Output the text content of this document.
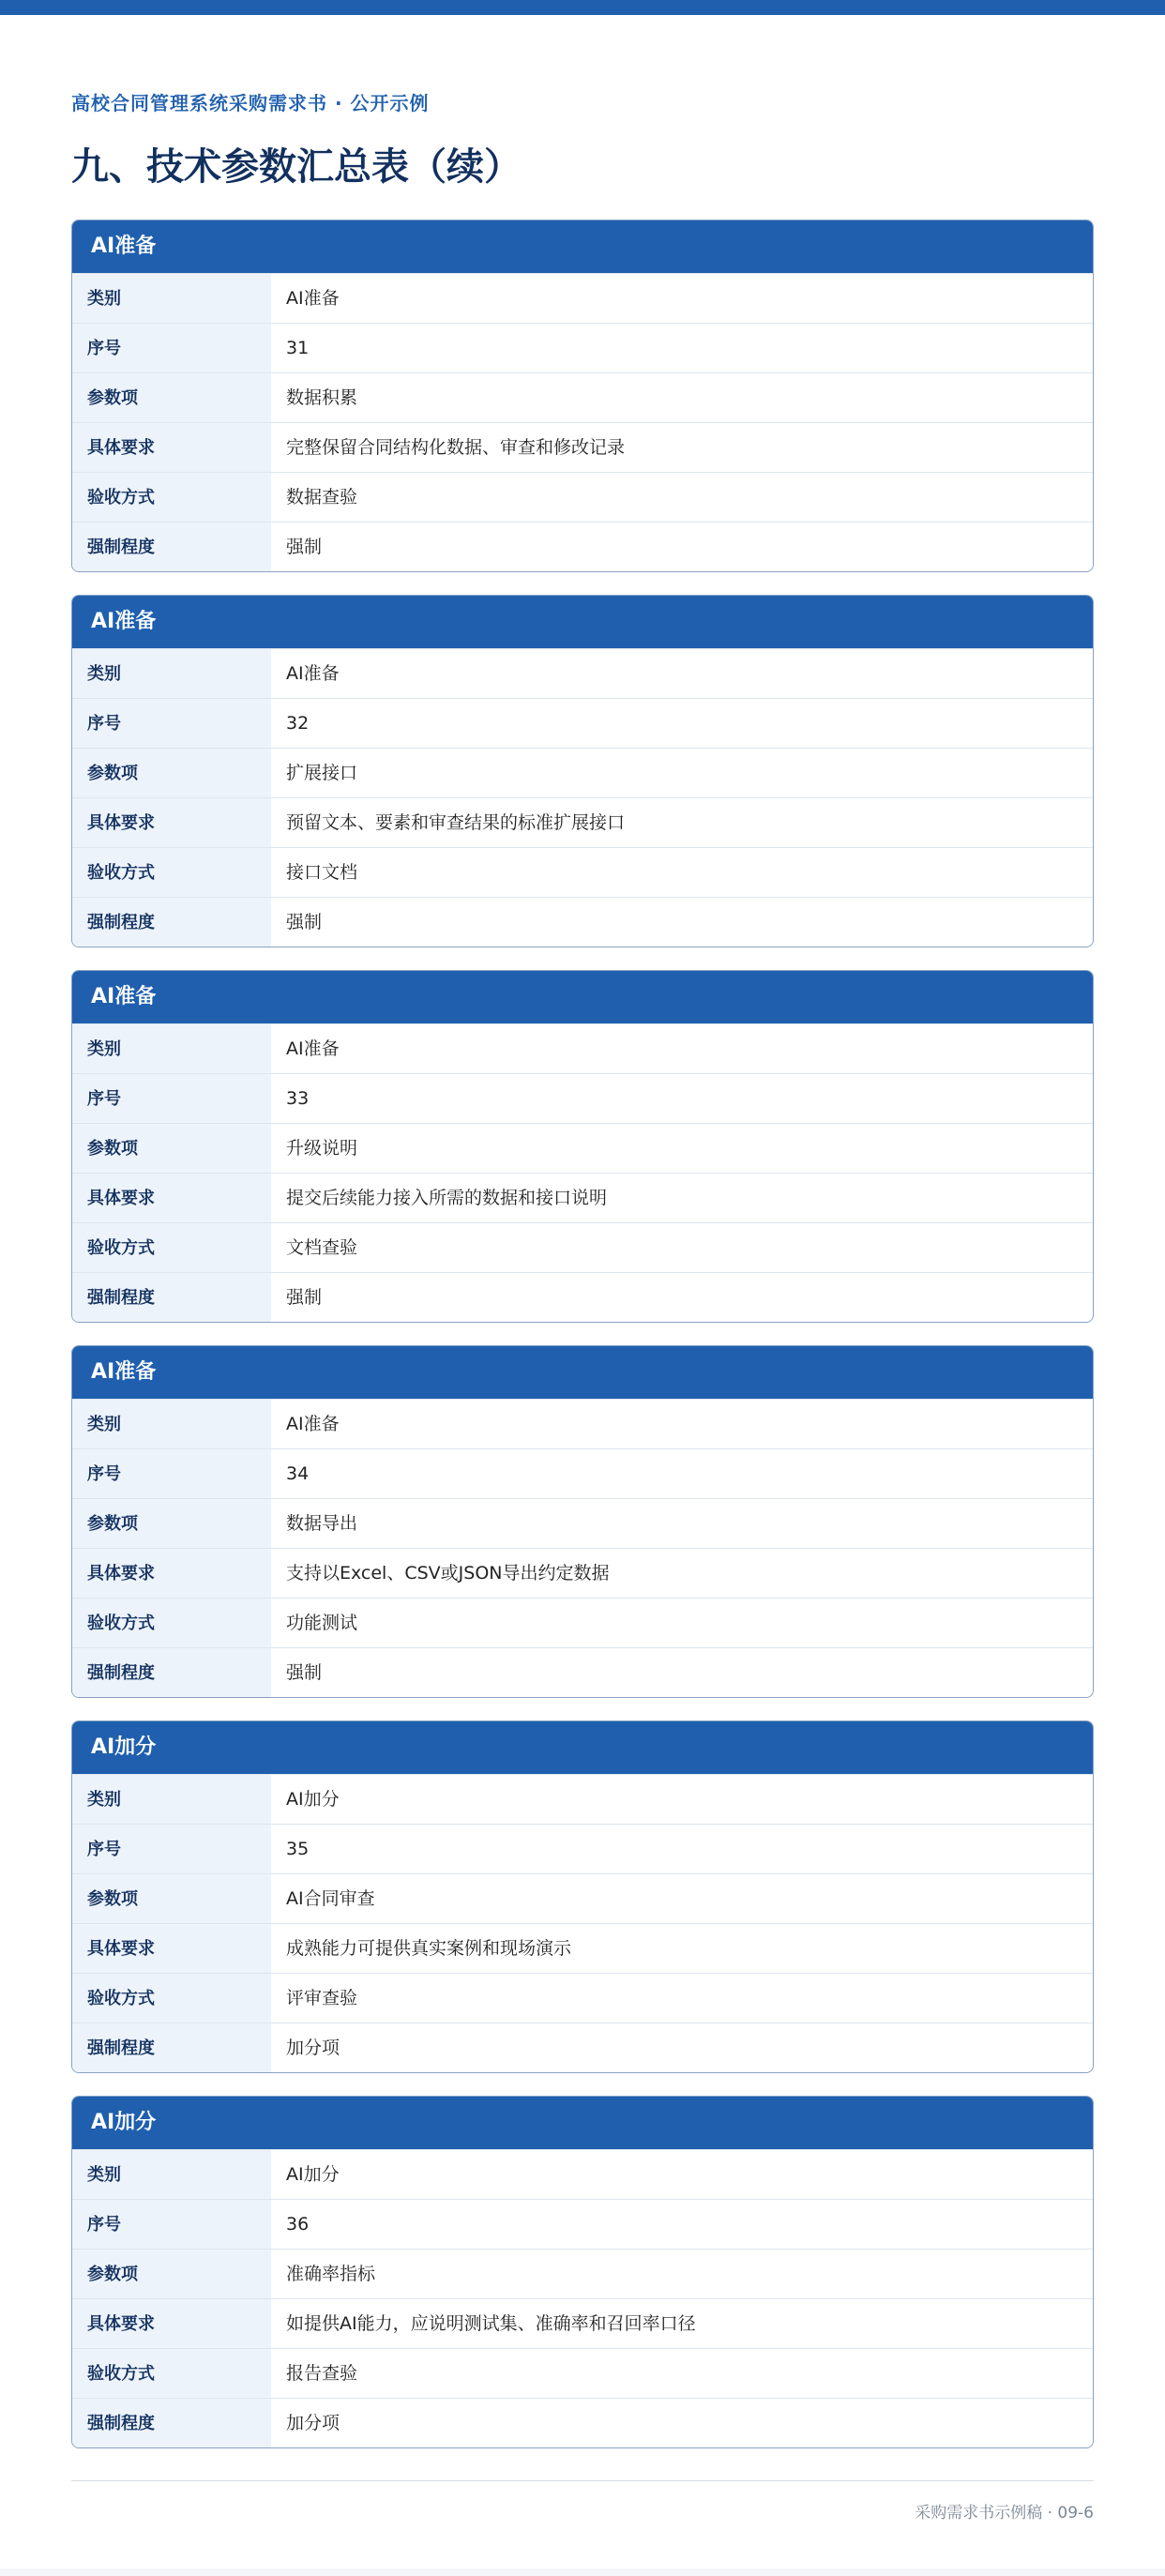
高校合同管理系统采购需求书 · 公开示例
九、技术参数汇总表（续）
AI准备
类别	AI准备
序号	31
参数项	数据积累
具体要求	完整保留合同结构化数据、审查和修改记录
验收方式	数据查验
强制程度	强制
AI准备
类别	AI准备
序号	32
参数项	扩展接口
具体要求	预留文本、要素和审查结果的标准扩展接口
验收方式	接口文档
强制程度	强制
AI准备
类别	AI准备
序号	33
参数项	升级说明
具体要求	提交后续能力接入所需的数据和接口说明
验收方式	文档查验
强制程度	强制
AI准备
类别	AI准备
序号	34
参数项	数据导出
具体要求	支持以Excel、CSV或JSON导出约定数据
验收方式	功能测试
强制程度	强制
AI加分
类别	AI加分
序号	35
参数项	AI合同审查
具体要求	成熟能力可提供真实案例和现场演示
验收方式	评审查验
强制程度	加分项
AI加分
类别	AI加分
序号	36
参数项	准确率指标
具体要求	如提供AI能力，应说明测试集、准确率和召回率口径
验收方式	报告查验
强制程度	加分项
采购需求书示例稿 · 09-6
